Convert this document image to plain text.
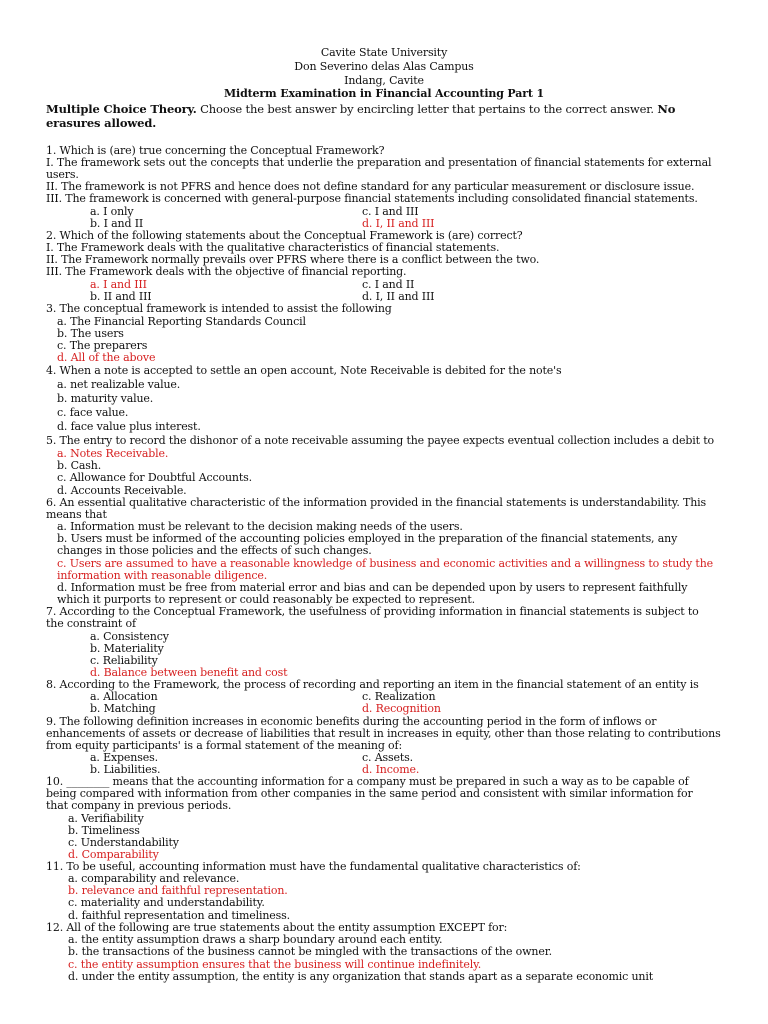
Cavite State University
Don Severino delas Alas Campus
Indang, Cavite
Midterm Examination in Financial Accounting Part 1
Multiple Choice Theory. Choose the best answer by encircling letter that pertains to the correct answer. No erasures allowed.
1. Which is (are) true concerning the Conceptual Framework?
I. The framework sets out the concepts that underlie the preparation and presentation of financial statements for external
users.
II. The framework is not PFRS and hence does not define standard for any particular measurement or disclosure issue.
III. The framework is concerned with general-purpose financial statements including consolidated financial statements.
a. I only	c. I and III
b. I and II	d. I, II and III
2. Which of the following statements about the Conceptual Framework is (are) correct?
I. The Framework deals with the qualitative characteristics of financial statements.
II. The Framework normally prevails over PFRS where there is a conflict between the two.
III. The Framework deals with the objective of financial reporting.
a. I and III	c. I and II
b. II and III	d. I, II and III
3. The conceptual framework is intended to assist the following
a. The Financial Reporting Standards Council
b. The users
c. The preparers
d. All of the above
4. When a note is accepted to settle an open account, Note Receivable is debited for the note's
a. net realizable value.
b. maturity value.
c. face value.
d. face value plus interest.
5. The entry to record the dishonor of a note receivable assuming the payee expects eventual collection includes a debit to
a. Notes Receivable.
b. Cash.
c. Allowance for Doubtful Accounts.
d. Accounts Receivable.
6. An essential qualitative characteristic of the information provided in the financial statements is understandability. This
means that
a. Information must be relevant to the decision making needs of the users.
b. Users must be informed of the accounting policies employed in the preparation of the financial statements, any
changes in those policies and the effects of such changes.
c. Users are assumed to have a reasonable knowledge of business and economic activities and a willingness to study the
information with reasonable diligence.
d. Information must be free from material error and bias and can be depended upon by users to represent faithfully
which it purports to represent or could reasonably be expected to represent.
7. According to the Conceptual Framework, the usefulness of providing information in financial statements is subject to
the constraint of
a. Consistency
b. Materiality
c. Reliability
d. Balance between benefit and cost
8. According to the Framework, the process of recording and reporting an item in the financial statement of an entity is
a. Allocation	c. Realization
b. Matching	d. Recognition
9. The following definition increases in economic benefits during the accounting period in the form of inflows or
enhancements of assets or decrease of liabilities that result in increases in equity, other than those relating to contributions
from equity participants' is a formal statement of the meaning of:
a. Expenses.	c. Assets.
b. Liabilities.	d. Income.
10. ________ means that the accounting information for a company must be prepared in such a way as to be capable of
being compared with information from other companies in the same period and consistent with similar information for
that company in previous periods.
a. Verifiability
b. Timeliness
c. Understandability
d. Comparability
11. To be useful, accounting information must have the fundamental qualitative characteristics of:
a. comparability and relevance.
b. relevance and faithful representation.
c. materiality and understandability.
d. faithful representation and timeliness.
12. All of the following are true statements about the entity assumption EXCEPT for:
a. the entity assumption draws a sharp boundary around each entity.
b. the transactions of the business cannot be mingled with the transactions of the owner.
c. the entity assumption ensures that the business will continue indefinitely.
d. under the entity assumption, the entity is any organization that stands apart as a separate economic unit
